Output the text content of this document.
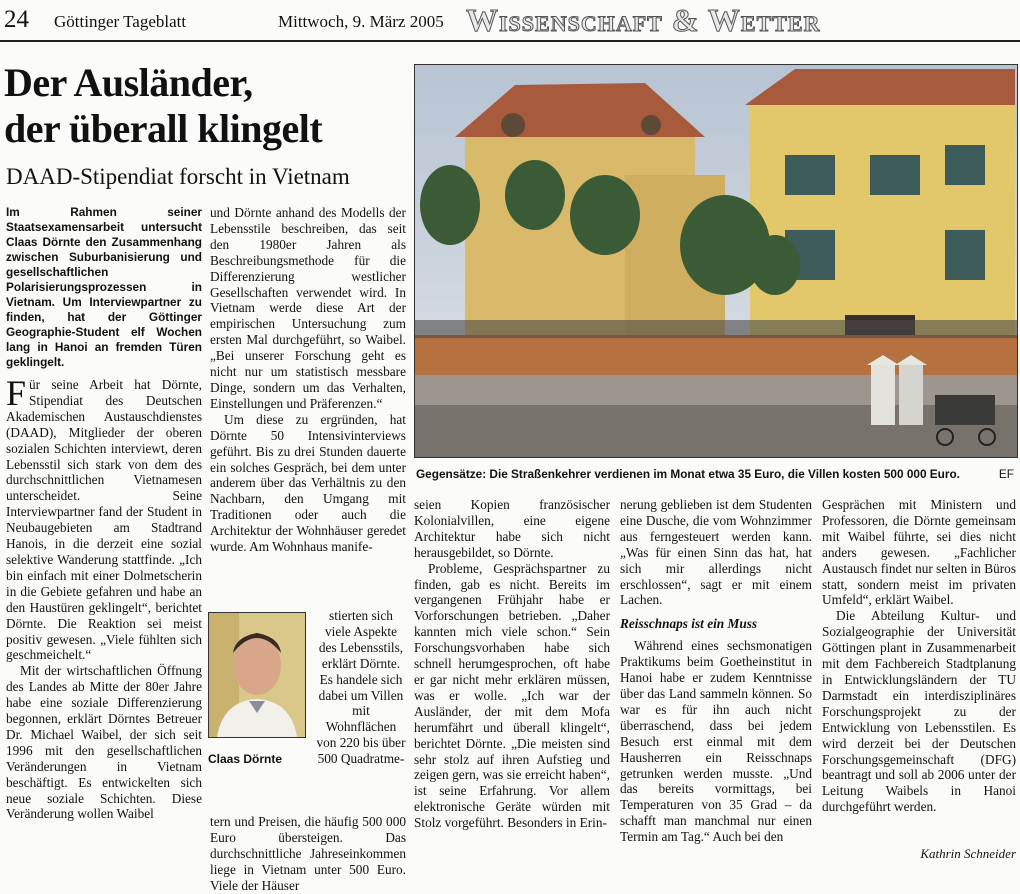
24 Göttinger Tageblatt	Mittwoch, 9. März 2005 Wissenschaft & Wetter
Der Ausländer,
der überall klingelt
DAAD-Stipendiat forscht in Vietnam

Im Rahmen seiner Staatsexamensarbeit untersucht Claas Dörnte den Zusammenhang zwischen Suburbanisierung und gesellschaftlichen Polarisierungsprozessen in Vietnam. Um Interviewpartner zu finden, hat der Göttinger Geographie-Student elf Wochen lang in Hanoi an fremden Türen geklingelt.

Für seine Arbeit hat Dörnte, Stipendiat des Deutschen Akademischen Austauschdienstes (DAAD), Mitglieder der oberen sozialen Schichten interviewt, deren Lebensstil sich stark von dem des durchschnittlichen Vietnamesen unterscheidet. Seine Interviewpartner fand der Student in Neubaugebieten am Stadtrand Hanois, in die derzeit eine sozial selektive Wanderung stattfinde. „Ich bin einfach mit einer Dolmetscherin in die Gebiete gefahren und habe an den Haustüren geklingelt“, berichtet Dörnte. Die Reaktion sei meist positiv gewesen. „Viele fühlten sich geschmeichelt.“

Mit der wirtschaftlichen Öffnung des Landes ab Mitte der 80er Jahre habe eine soziale Differenzierung begonnen, erklärt Dörntes Betreuer Dr. Michael Waibel, der sich seit 1996 mit den gesellschaftlichen Veränderungen in Vietnam beschäftigt. Es entwickelten sich neue soziale Schichten. Diese Veränderung wollen Waibel

und Dörnte anhand des Modells der Lebensstile beschreiben, das seit den 1980er Jahren als Beschreibungsmethode für die Differenzierung westlicher Gesellschaften verwendet wird. In Vietnam werde diese Art der empirischen Untersuchung zum ersten Mal durchgeführt, so Waibel. „Bei unserer Forschung geht es nicht nur um statistisch messbare Dinge, sondern um das Verhalten, Einstellungen und Präferenzen.“

Um diese zu ergründen, hat Dörnte 50 Intensivinterviews geführt. Bis zu drei Stunden dauerte ein solches Gespräch, bei dem unter anderem über das Verhältnis zu den Nachbarn, den Umgang mit Traditionen oder auch die Architektur der Wohnhäuser geredet wurde. Am Wohnhaus manife-

stierten sich viele Aspekte des Lebensstils, erklärt Dörnte. Es handele sich dabei um Villen mit Wohnflächen von 220 bis über 500 Quadratme-

tern und Preisen, die häufig 500 000 Euro übersteigen. Das durchschnittliche Jahreseinkommen liege in Vietnam unter 500 Euro. Viele der Häuser

Gegensätze: Die Straßenkehrer verdienen im Monat etwa 35 Euro, die Villen kosten 500 000 Euro.	EF
Claas Dörnte

seien Kopien französischer Kolonialvillen, eine eigene Architektur habe sich nicht herausgebildet, so Dörnte.

Probleme, Gesprächspartner zu finden, gab es nicht. Bereits im vergangenen Frühjahr habe er Vorforschungen betrieben. „Daher kannten mich viele schon.“ Sein Forschungsvorhaben habe sich schnell herumgesprochen, oft habe er gar nicht mehr erklären müssen, was er wolle. „Ich war der Ausländer, der mit dem Mofa herumfährt und überall klingelt“, berichtet Dörnte. „Die meisten sind sehr stolz auf ihren Aufstieg und zeigen gern, was sie erreicht haben“, ist seine Erfahrung. Vor allem elektronische Geräte würden mit Stolz vorgeführt. Besonders in Erin-

nerung geblieben ist dem Studenten eine Dusche, die vom Wohnzimmer aus ferngesteuert werden kann. „Was für einen Sinn das hat, hat sich mir allerdings nicht erschlossen“, sagt er mit einem Lachen.

Reisschnaps ist ein Muss

Während eines sechsmonatigen Praktikums beim Goetheinstitut in Hanoi habe er zudem Kenntnisse über das Land sammeln können. So war es für ihn auch nicht überraschend, dass bei jedem Besuch erst einmal mit dem Hausherren ein Reisschnaps getrunken werden musste. „Und das bereits vormittags, bei Temperaturen von 35 Grad – da schafft man manchmal nur einen Termin am Tag.“ Auch bei den

Gesprächen mit Ministern und Professoren, die Dörnte gemeinsam mit Waibel führte, sei dies nicht anders gewesen. „Fachlicher Austausch findet nur selten in Büros statt, sondern meist im privaten Umfeld“, erklärt Waibel.

Die Abteilung Kultur- und Sozialgeographie der Universität Göttingen plant in Zusammenarbeit mit dem Fachbereich Stadtplanung in Entwicklungsländern der TU Darmstadt ein interdisziplinäres Forschungsprojekt zu der Entwicklung von Lebensstilen. Es wird derzeit bei der Deutschen Forschungsgemeinschaft (DFG) beantragt und soll ab 2006 unter der Leitung Waibels in Hanoi durchgeführt werden.

Kathrin Schneider
